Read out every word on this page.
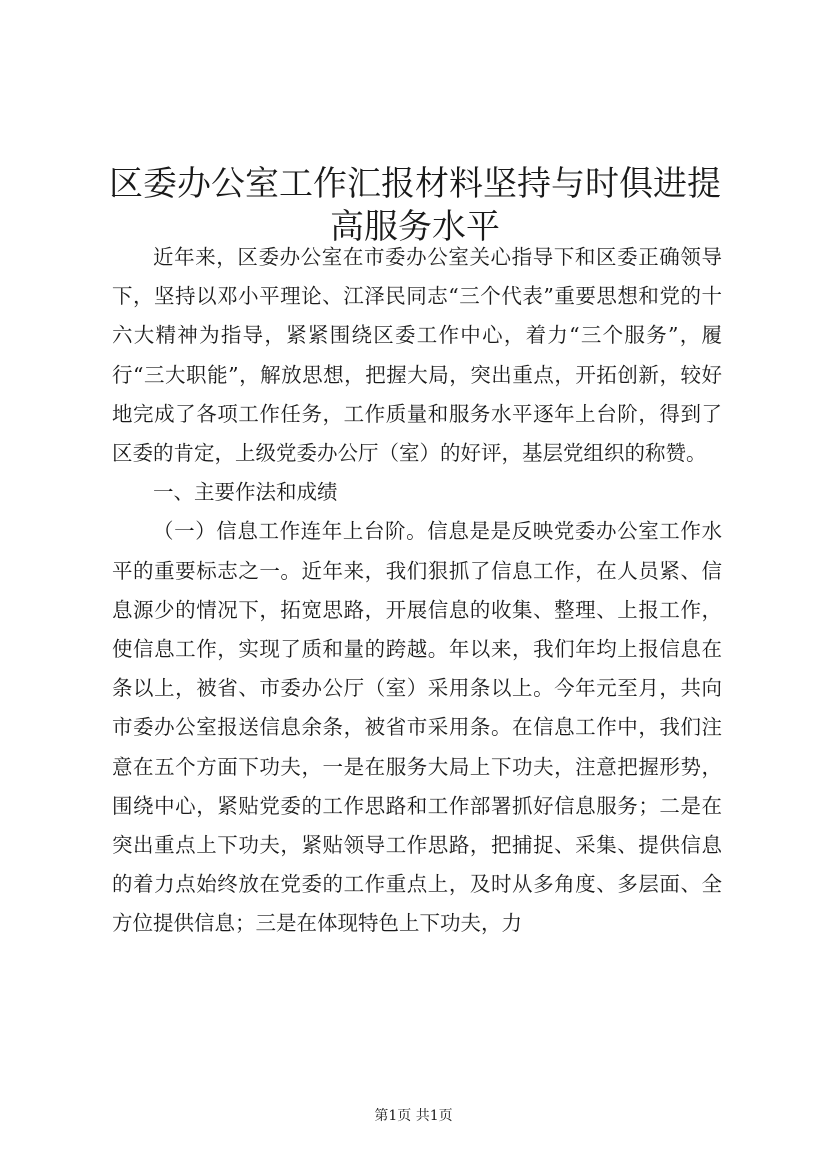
区委办公室工作汇报材料坚持与时俱进提高服务水平

近年来，区委办公室在市委办公室关心指导下和区委正确领导下，坚持以邓小平理论、江泽民同志“三个代表”重要思想和党的十六大精神为指导，紧紧围绕区委工作中心，着力“三个服务”，履行“三大职能”，解放思想，把握大局，突出重点，开拓创新，较好地完成了各项工作任务，工作质量和服务水平逐年上台阶，得到了区委的肯定，上级党委办公厅（室）的好评，基层党组织的称赞。

一、主要作法和成绩

（一）信息工作连年上台阶。信息是是反映党委办公室工作水平的重要标志之一。近年来，我们狠抓了信息工作，在人员紧、信息源少的情况下，拓宽思路，开展信息的收集、整理、上报工作，使信息工作，实现了质和量的跨越。年以来，我们年均上报信息在条以上，被省、市委办公厅（室）采用条以上。今年元至月，共向市委办公室报送信息余条，被省市采用条。在信息工作中，我们注意在五个方面下功夫，一是在服务大局上下功夫，注意把握形势，围绕中心，紧贴党委的工作思路和工作部署抓好信息服务；二是在突出重点上下功夫，紧贴领导工作思路，把捕捉、采集、提供信息的着力点始终放在党委的工作重点上，及时从多角度、多层面、全方位提供信息；三是在体现特色上下功夫，力

第1页 共1页
